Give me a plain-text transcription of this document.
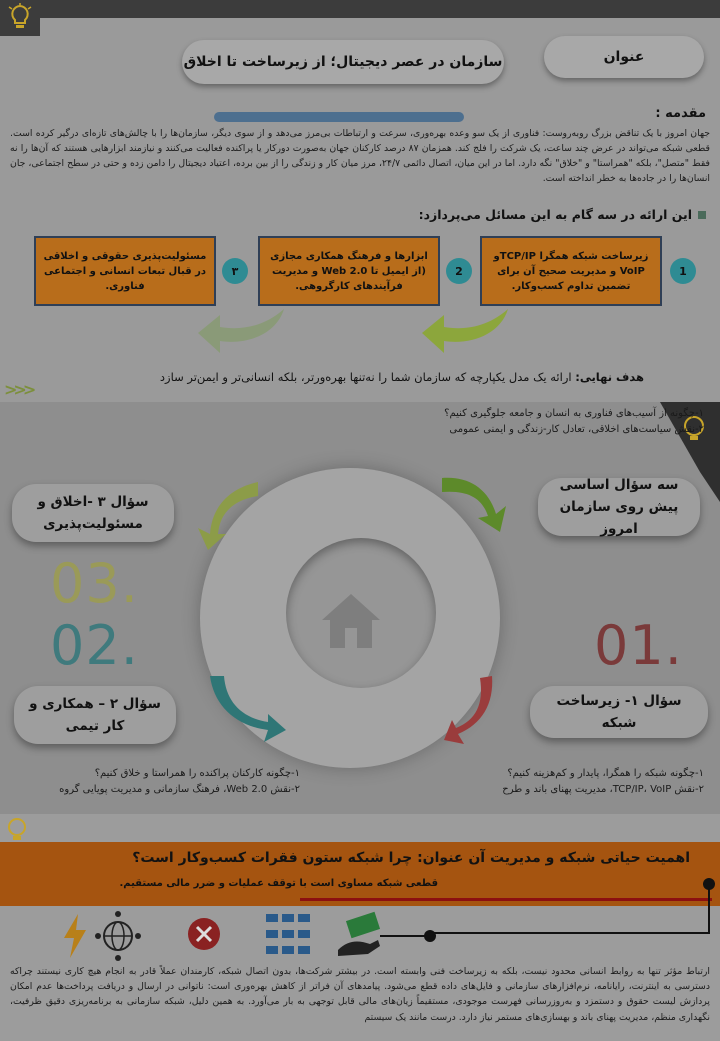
سازمان در عصر دیجیتال؛ از زیرساخت تا اخلاق	عنوان
مقدمه :
جهان امروز با یک تناقض بزرگ روبه‌روست: فناوری از یک سو وعده بهره‌وری، سرعت و ارتباطات بی‌مرز می‌دهد و از سوی دیگر، سازمان‌ها را با چالش‌های تازه‌ای درگیر کرده است. قطعی شبکه می‌تواند در عرض چند ساعت، یک شرکت را فلج کند. همزمان ۸۷ درصد کارکنان جهان به‌صورت دورکار یا پراکنده فعالیت می‌کنند و نیازمند ابزارهایی هستند که آن‌ها را نه فقط "متصل"، بلکه "همراستا" و "خلاق" نگه دارد. اما در این میان، اتصال دائمی ۲۴/۷، مرز میان کار و زندگی را از بین برده، اعتیاد دیجیتال را دامن زده و حتی در سطح اجتماعی، جان انسان‌ها را در جاده‌ها به خطر انداخته است.
این ارائه در سه گام به این مسائل می‌پردازد:
1
زیرساخت شبکه همگرا TCP/IPو VoIP و مدیریت صحیح آن برای تضمین تداوم کسب‌وکار.
2
ابزارها و فرهنگ همکاری مجازی (از ایمیل تا Web 2.0 و مدیریت فرآیندهای کارگروهی.
۳
مسئولیت‌پذیری حقوقی و اخلاقی در قبال تبعات انسانی و اجتماعی فناوری.
هدف نهایی: ارائه یک مدل یکپارچه که سازمان شما را نه‌تنها بهره‌ورتر، بلکه انسانی‌تر و ایمن‌تر سازد
<<<
۱-چگونه از آسیب‌های فناوری به انسان و جامعه جلوگیری کنیم؟
۲-نقش سیاست‌های اخلاقی، تعادل کار-زندگی و ایمنی عمومی
سه سؤال اساسی پیش روی سازمان امروز
سؤال ۳ -اخلاق و مسئولیت‌پذیری
سؤال ۲ – همکاری و کار تیمی
سؤال ۱- زیرساخت شبکه
03.
02.	01.
۱-چگونه کارکنان پراکنده را همراستا و خلاق کنیم؟
۲-نقش Web 2.0، فرهنگ سازمانی و مدیریت پویایی گروه
۱-چگونه شبکه را همگرا، پایدار و کم‌هزینه کنیم؟
۲-نقش TCP/IP، VoIP، مدیریت پهنای باند و طرح
اهمیت حیاتی شبکه و مدیریت آن عنوان: چرا شبکه ستون فقرات کسب‌وکار است؟
قطعی شبکه مساوی است با توقف عملیات و ضرر مالی مستقیم.
ارتباط مؤثر تنها به روابط انسانی محدود نیست، بلکه به زیرساخت فنی وابسته است. در بیشتر شرکت‌ها، بدون اتصال شبکه، کارمندان عملاً قادر به انجام هیچ کاری نیستند چراکه دسترسی به اینترنت، رایانامه، نرم‌افزارهای سازمانی و فایل‌های داده قطع می‌شود. پیامدهای آن فراتر از کاهش بهره‌وری است: ناتوانی در ارسال و دریافت پرداخت‌ها عدم امکان پردازش لیست حقوق و دستمزد و به‌روزرسانی فهرست موجودی، مستقیماً زیان‌های مالی قابل توجهی به بار می‌آورد. به همین دلیل، شبکه سازمانی به برنامه‌ریزی دقیق ظرفیت، نگهداری منظم، مدیریت پهنای باند و بهسازی‌های مستمر نیاز دارد. درست مانند یک سیستم
